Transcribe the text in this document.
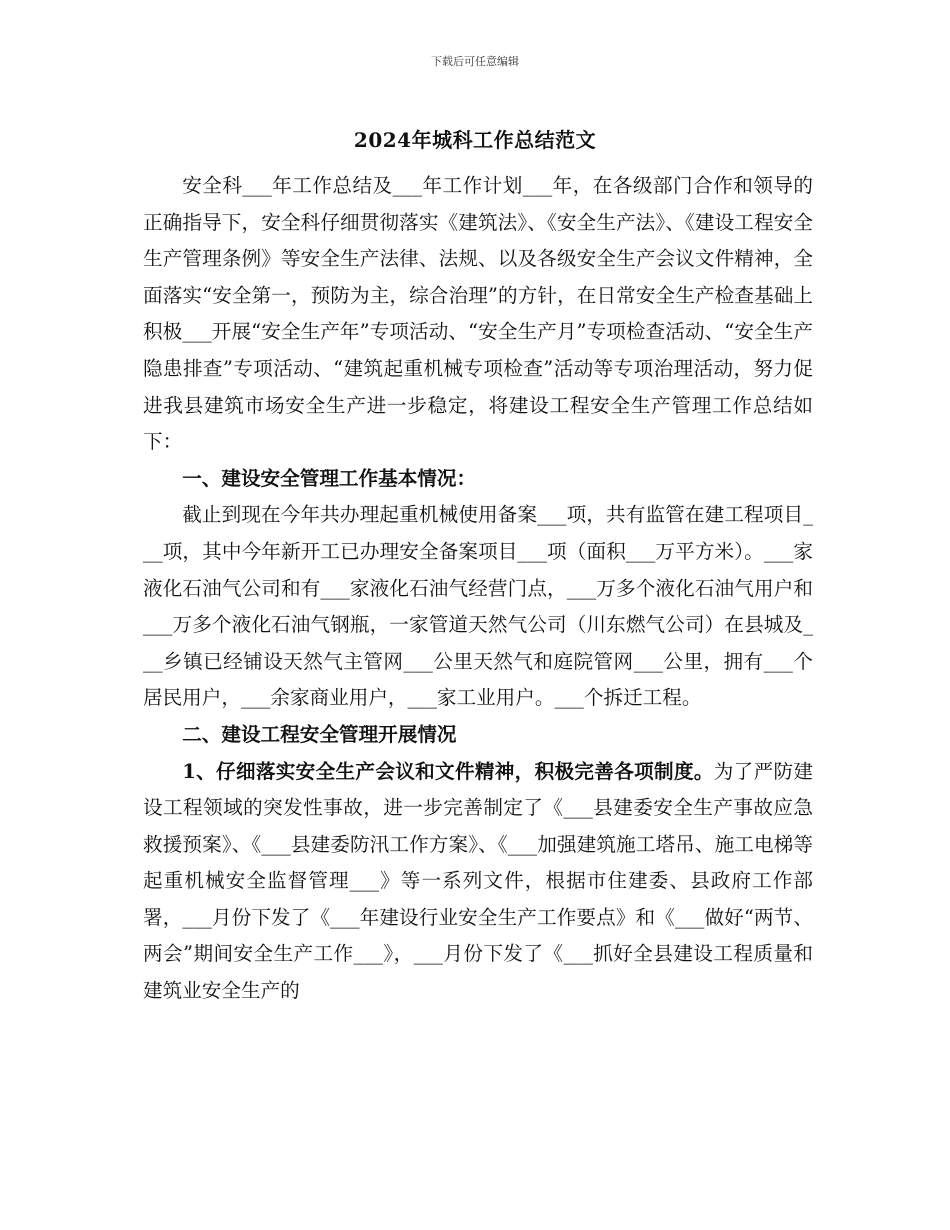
下载后可任意编辑
2024年城科工作总结范文

安全科___年工作总结及___年工作计划___年，在各级部门合作和领导的正确指导下，安全科仔细贯彻落实《建筑法》、《安全生产法》、《建设工程安全生产管理条例》等安全生产法律、法规、以及各级安全生产会议文件精神，全面落实“安全第一，预防为主，综合治理”的方针，在日常安全生产检查基础上积极___开展“安全生产年”专项活动、“安全生产月”专项检查活动、“安全生产隐患排查”专项活动、“建筑起重机械专项检查”活动等专项治理活动，努力促进我县建筑市场安全生产进一步稳定，将建设工程安全生产管理工作总结如下：

一、建设安全管理工作基本情况：

截止到现在今年共办理起重机械使用备案___项，共有监管在建工程项目___项，其中今年新开工已办理安全备案项目___项（面积___万平方米）。___家液化石油气公司和有___家液化石油气经营门点，___万多个液化石油气用户和___万多个液化石油气钢瓶，一家管道天然气公司（川东燃气公司）在县城及___乡镇已经铺设天然气主管网___公里天然气和庭院管网___公里，拥有___个居民用户，___余家商业用户，___家工业用户。___个拆迁工程。

二、建设工程安全管理开展情况

1、仔细落实安全生产会议和文件精神，积极完善各项制度。为了严防建设工程领域的突发性事故，进一步完善制定了《___县建委安全生产事故应急救援预案》、《___县建委防汛工作方案》、《___加强建筑施工塔吊、施工电梯等起重机械安全监督管理___》等一系列文件，根据市住建委、县政府工作部署，___月份下发了《___年建设行业安全生产工作要点》和《___做好“两节、两会”期间安全生产工作___》，___月份下发了《___抓好全县建设工程质量和建筑业安全生产的
